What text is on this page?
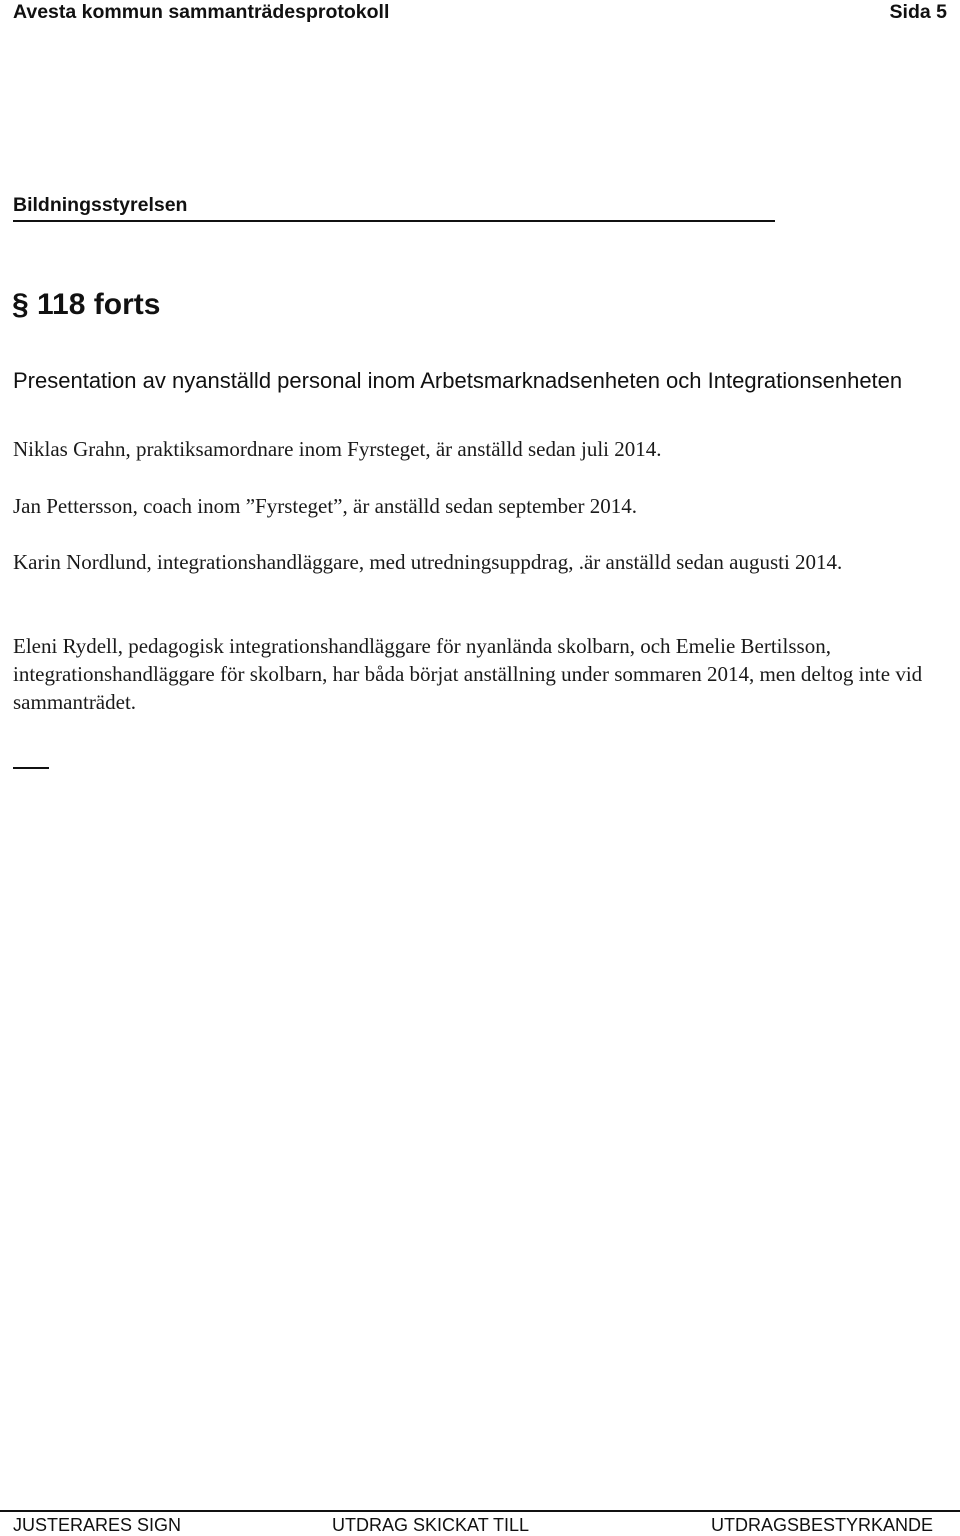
Avesta kommun sammanträdesprotokoll	Sida 5
Bildningsstyrelsen
§ 118 forts
Presentation av nyanställd personal inom Arbetsmarknadsenheten och Integrationsenheten
Niklas Grahn, praktiksamordnare inom Fyrsteget, är anställd sedan juli 2014.
Jan Pettersson, coach inom ”Fyrsteget”, är anställd sedan september 2014.
Karin Nordlund, integrationshandläggare, med utredningsuppdrag, .är anställd sedan augusti 2014.
Eleni Rydell, pedagogisk integrationshandläggare för nyanlända skolbarn, och Emelie Bertilsson, integrationshandläggare för skolbarn, har båda börjat anställning under sommaren 2014, men deltog inte vid sammanträdet.
JUSTERARES SIGN	UTDRAG SKICKAT TILL	UTDRAGSBESTYRKANDE
